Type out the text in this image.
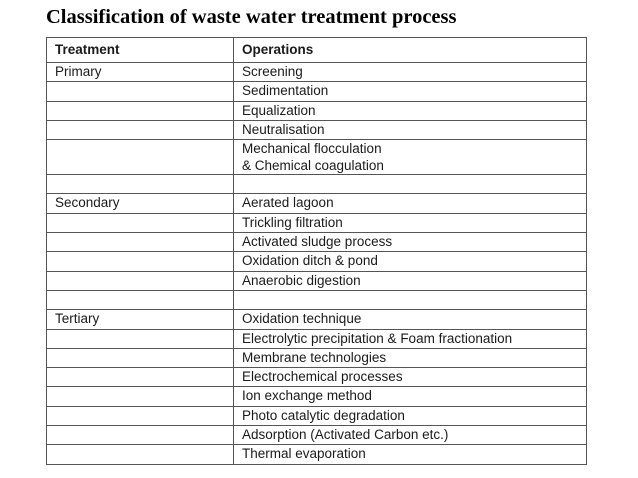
Classification of waste water treatment process
Treatment	Operations
Primary	Screening
	Sedimentation
	Equalization
	Neutralisation
	Mechanical flocculation
& Chemical coagulation

Secondary	Aerated lagoon
	Trickling filtration
	Activated sludge process
	Oxidation ditch & pond
	Anaerobic digestion

Tertiary	Oxidation technique
	Electrolytic precipitation & Foam fractionation
	Membrane technologies
	Electrochemical processes
	Ion exchange method
	Photo catalytic degradation
	Adsorption (Activated Carbon etc.)
	Thermal evaporation
